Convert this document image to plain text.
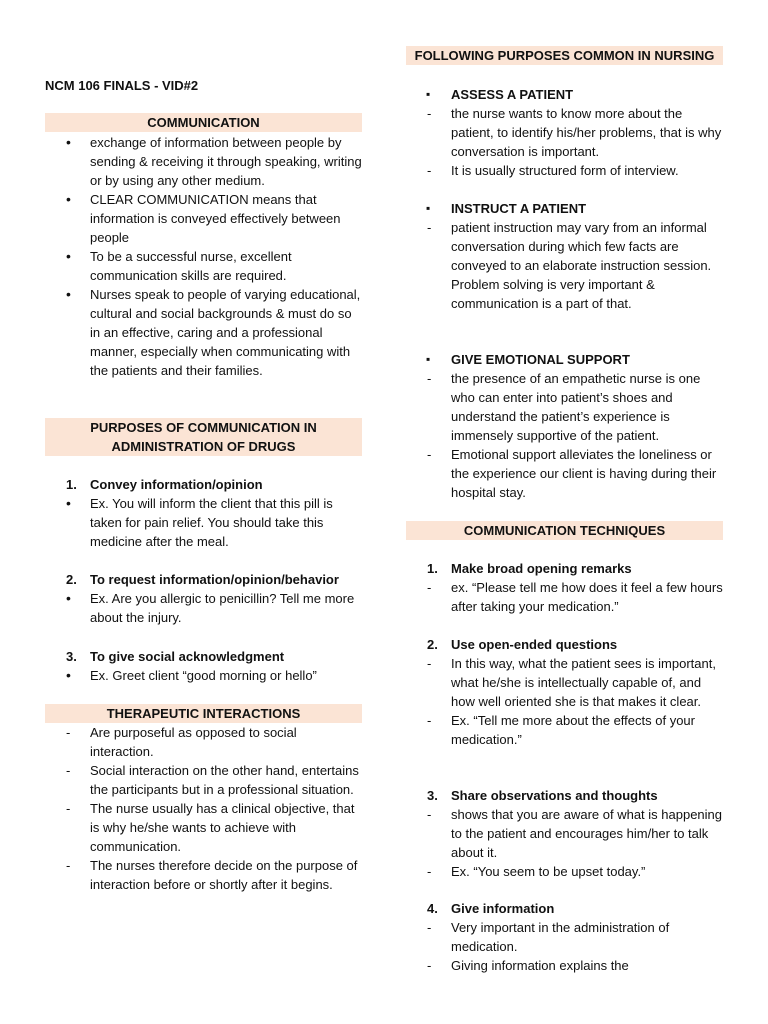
NCM 106 FINALS - VID#2

COMMUNICATION
• exchange of information between people by sending & receiving it through speaking, writing or by using any other medium.
• CLEAR COMMUNICATION means that information is conveyed effectively between people
• To be a successful nurse, excellent communication skills are required.
• Nurses speak to people of varying educational, cultural and social backgrounds & must do so in an effective, caring and a professional manner, especially when communicating with the patients and their families.
PURPOSES OF COMMUNICATION IN ADMINISTRATION OF DRUGS
1. Convey information/opinion
• Ex. You will inform the client that this pill is taken for pain relief. You should take this medicine after the meal.
2. To request information/opinion/behavior
• Ex. Are you allergic to penicillin? Tell me more about the injury.
3. To give social acknowledgment
• Ex. Greet client “good morning or hello”
THERAPEUTIC INTERACTIONS
- Are purposeful as opposed to social interaction.
- Social interaction on the other hand, entertains the participants but in a professional situation.
- The nurse usually has a clinical objective, that is why he/she wants to achieve with communication.
- The nurses therefore decide on the purpose of interaction before or shortly after it begins.
FOLLOWING PURPOSES COMMON IN NURSING
▪ ASSESS A PATIENT
- the nurse wants to know more about the patient, to identify his/her problems, that is why conversation is important.
- It is usually structured form of interview.
▪ INSTRUCT A PATIENT
- patient instruction may vary from an informal conversation during which few facts are conveyed to an elaborate instruction session. Problem solving is very important & communication is a part of that.
▪ GIVE EMOTIONAL SUPPORT
- the presence of an empathetic nurse is one who can enter into patient’s shoes and understand the patient’s experience is immensely supportive of the patient.
- Emotional support alleviates the loneliness or the experience our client is having during their hospital stay.
COMMUNICATION TECHNIQUES
1. Make broad opening remarks
- ex. “Please tell me how does it feel a few hours after taking your medication.”
2. Use open-ended questions
- In this way, what the patient sees is important, what he/she is intellectually capable of, and how well oriented she is that makes it clear.
- Ex. “Tell me more about the effects of your medication.”
3. Share observations and thoughts
- shows that you are aware of what is happening to the patient and encourages him/her to talk about it.
- Ex. “You seem to be upset today.”
4. Give information
- Very important in the administration of medication.
- Giving information explains the
